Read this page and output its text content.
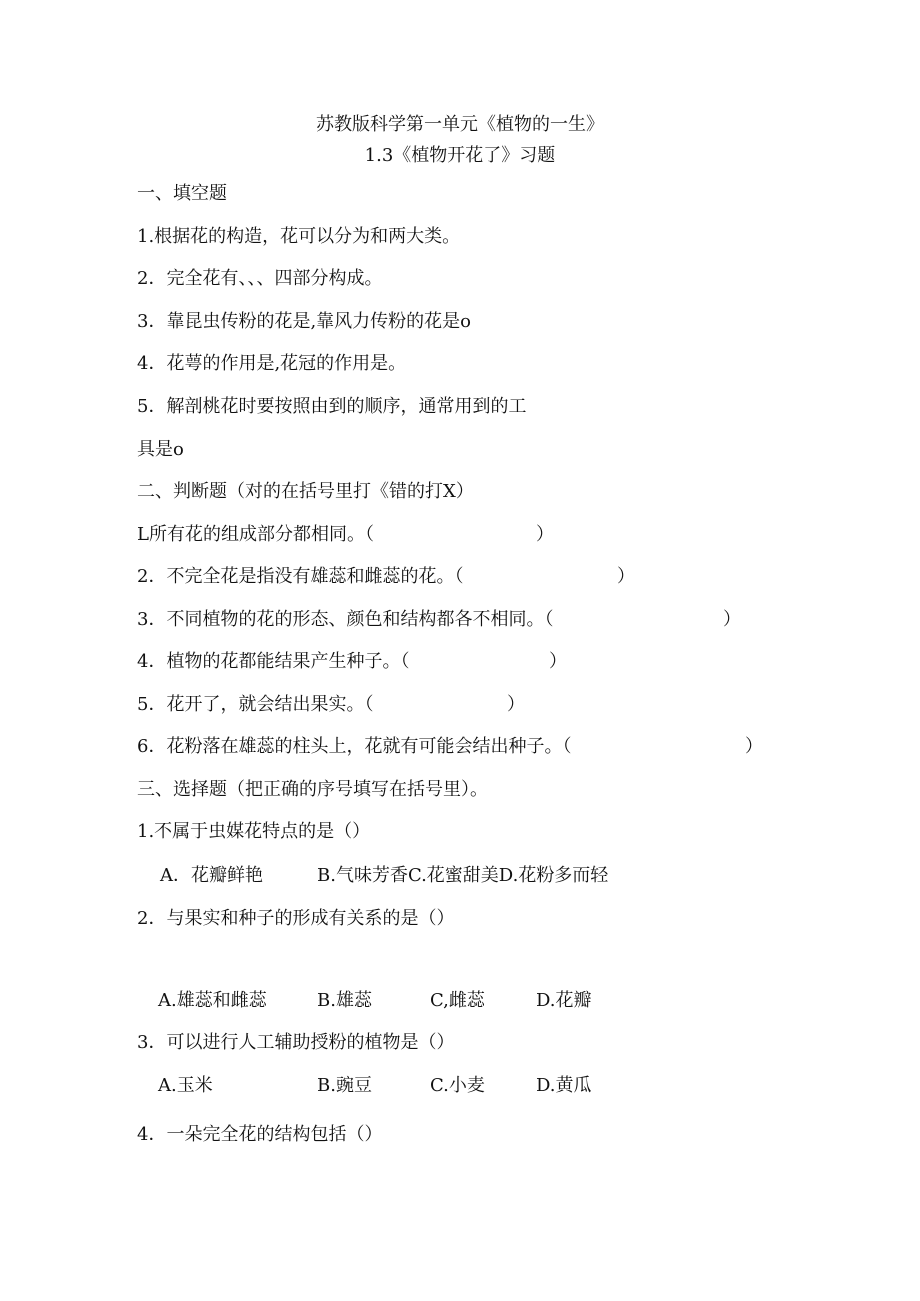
苏教版科学第一单元《植物的一生》
1.3《植物开花了》习题
一、填空题
1.根据花的构造，花可以分为和两大类。
2．完全花有、、、四部分构成。
3．靠昆虫传粉的花是,靠风力传粉的花是o
4．花萼的作用是,花冠的作用是。
5．解剖桃花时要按照由到的顺序，通常用到的工
具是o
二、判断题（对的在括号里打《错的打X）
L所有花的组成部分都相同。（	）
2．不完全花是指没有雄蕊和雌蕊的花。（	）
3．不同植物的花的形态、颜色和结构都各不相同。（	）
4．植物的花都能结果产生种子。（	）
5．花开了，就会结出果实。（	）
6．花粉落在雄蕊的柱头上，花就有可能会结出种子。（	）
三、选择题（把正确的序号填写在括号里）。
1.不属于虫媒花特点的是（）
A．花瓣鲜艳	B.气味芳香C.花蜜甜美D.花粉多而轻
2．与果实和种子的形成有关系的是（）
A.雄蕊和雌蕊	B.雄蕊	C,雌蕊	D.花瓣
3．可以进行人工辅助授粉的植物是（）
A.玉米	B.豌豆	C.小麦	D.黄瓜
4．一朵完全花的结构包括（）
